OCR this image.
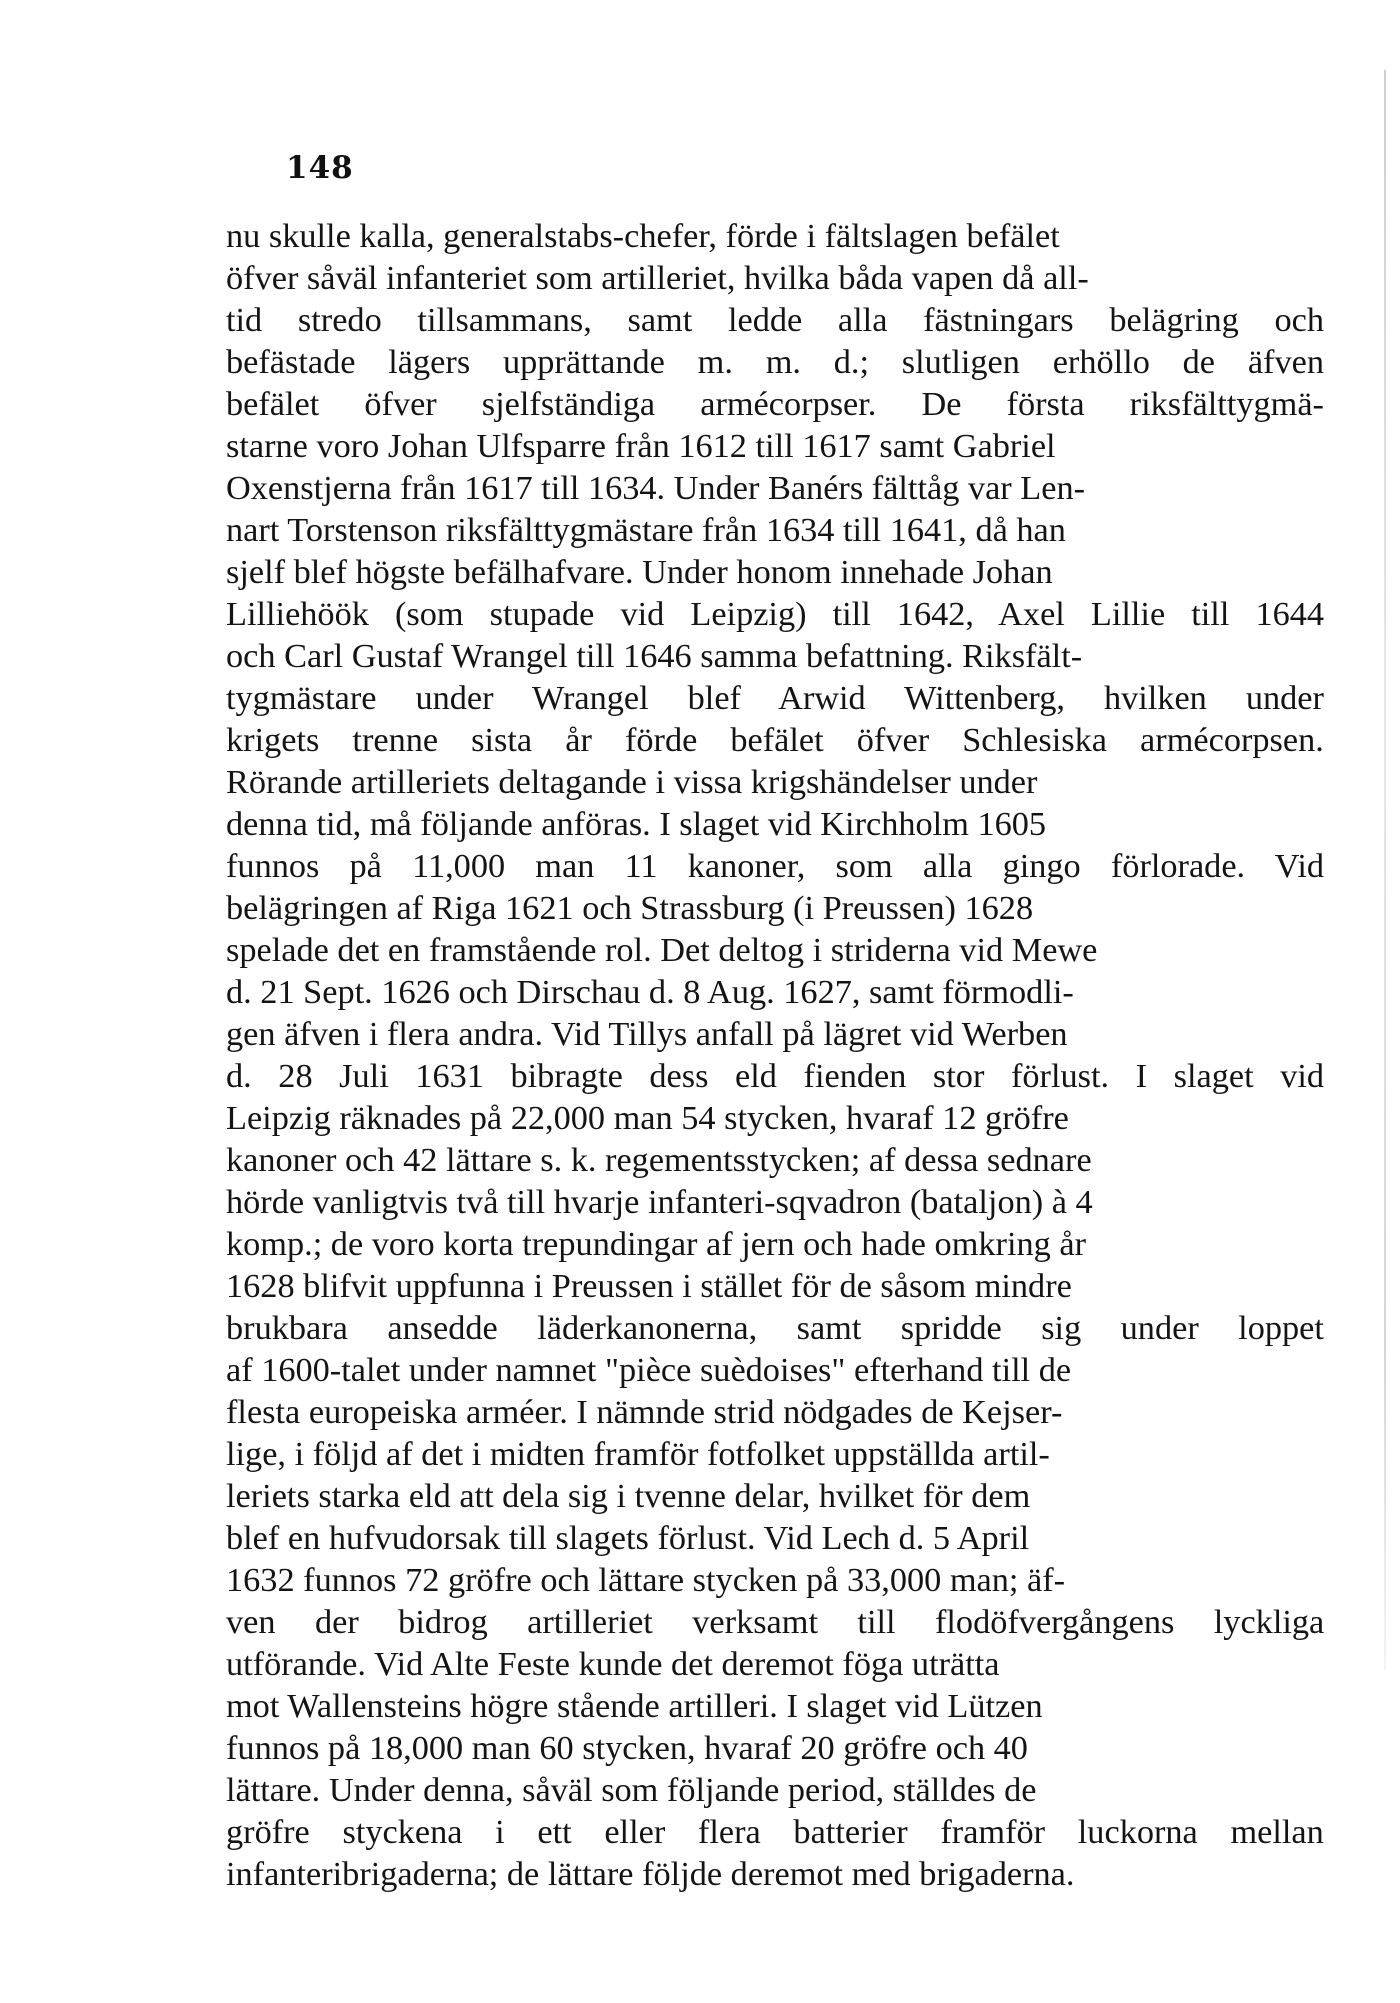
148
nu skulle kalla, generalstabs-chefer, förde i fältslagen befälet
öfver såväl infanteriet som artilleriet, hvilka båda vapen då all-
tid stredo tillsammans, samt ledde alla fästningars belägring och
befästade lägers upprättande m. m. d.; slutligen erhöllo de äfven
befälet öfver sjelfständiga armécorpser. De första riksfälttygmä-
starne voro Johan Ulfsparre från 1612 till 1617 samt Gabriel
Oxenstjerna från 1617 till 1634. Under Banérs fälttåg var Len-
nart Torstenson riksfälttygmästare från 1634 till 1641, då han
sjelf blef högste befälhafvare. Under honom innehade Johan
Lilliehöök (som stupade vid Leipzig) till 1642, Axel Lillie till 1644
och Carl Gustaf Wrangel till 1646 samma befattning. Riksfält-
tygmästare under Wrangel blef Arwid Wittenberg, hvilken under
krigets trenne sista år förde befälet öfver Schlesiska armécorpsen.
Rörande artilleriets deltagande i vissa krigshändelser under
denna tid, må följande anföras. I slaget vid Kirchholm 1605
funnos på 11,000 man 11 kanoner, som alla gingo förlorade. Vid
belägringen af Riga 1621 och Strassburg (i Preussen) 1628
spelade det en framstående rol. Det deltog i striderna vid Mewe
d. 21 Sept. 1626 och Dirschau d. 8 Aug. 1627, samt förmodli-
gen äfven i flera andra. Vid Tillys anfall på lägret vid Werben
d. 28 Juli 1631 bibragte dess eld fienden stor förlust. I slaget vid
Leipzig räknades på 22,000 man 54 stycken, hvaraf 12 gröfre
kanoner och 42 lättare s. k. regementsstycken; af dessa sednare
hörde vanligtvis två till hvarje infanteri-sqvadron (bataljon) à 4
komp.; de voro korta trepundingar af jern och hade omkring år
1628 blifvit uppfunna i Preussen i stället för de såsom mindre
brukbara ansedde läderkanonerna, samt spridde sig under loppet
af 1600-talet under namnet "pièce suèdoises" efterhand till de
flesta europeiska arméer. I nämnde strid nödgades de Kejser-
lige, i följd af det i midten framför fotfolket uppställda artil-
leriets starka eld att dela sig i tvenne delar, hvilket för dem
blef en hufvudorsak till slagets förlust. Vid Lech d. 5 April
1632 funnos 72 gröfre och lättare stycken på 33,000 man; äf-
ven der bidrog artilleriet verksamt till flodöfvergångens lyckliga
utförande. Vid Alte Feste kunde det deremot föga uträtta
mot Wallensteins högre stående artilleri. I slaget vid Lützen
funnos på 18,000 man 60 stycken, hvaraf 20 gröfre och 40
lättare. Under denna, såväl som följande period, ställdes de
gröfre styckena i ett eller flera batterier framför luckorna mellan
infanteribrigaderna; de lättare följde deremot med brigaderna.
